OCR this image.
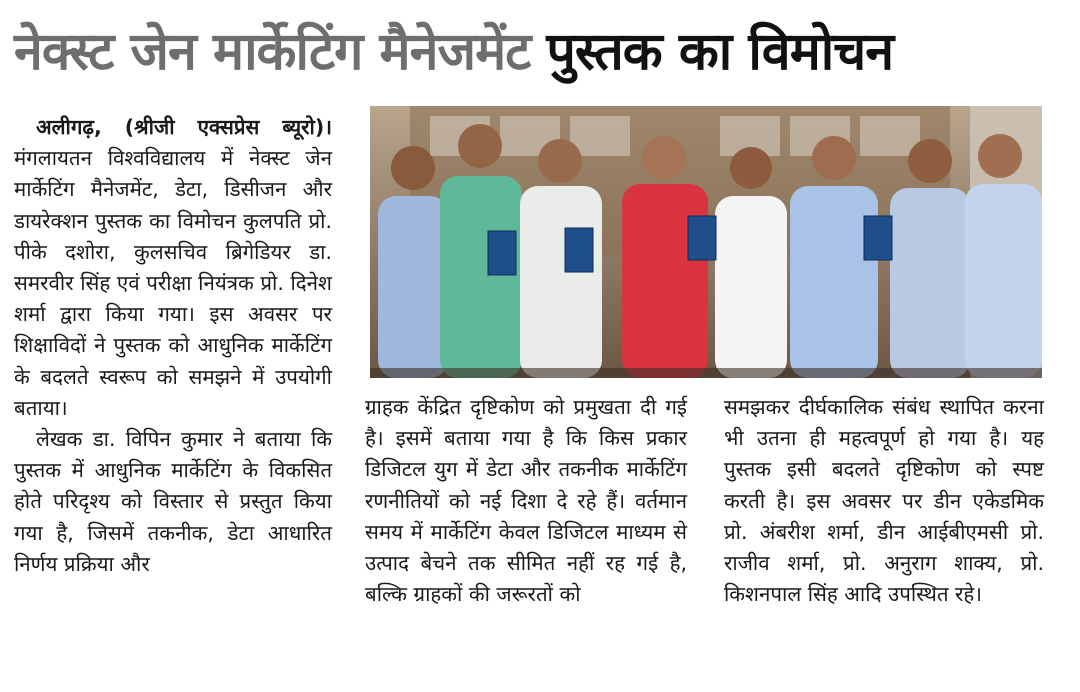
नेक्स्ट जेन मार्केटिंग मैनेजमेंट पुस्तक का विमोचन

अलीगढ़, (श्रीजी एक्सप्रेस ब्यूरो)। मंगलायतन विश्वविद्यालय में नेक्स्ट जेन मार्केटिंग मैनेजमेंट, डेटा, डिसीजन और डायरेक्शन पुस्तक का विमोचन कुलपति प्रो. पीके दशोरा, कुलसचिव ब्रिगेडियर डा. समरवीर सिंह एवं परीक्षा नियंत्रक प्रो. दिनेश शर्मा द्वारा किया गया। इस अवसर पर शिक्षाविदों ने पुस्तक को आधुनिक मार्केटिंग के बदलते स्वरूप को समझने में उपयोगी बताया।

लेखक डा. विपिन कुमार ने बताया कि पुस्तक में आधुनिक मार्केटिंग के विकसित होते परिदृश्य को विस्तार से प्रस्तुत किया गया है, जिसमें तकनीक, डेटा आधारित निर्णय प्रक्रिया और

ग्राहक केंद्रित दृष्टिकोण को प्रमुखता दी गई है। इसमें बताया गया है कि किस प्रकार डिजिटल युग में डेटा और तकनीक मार्केटिंग रणनीतियों को नई दिशा दे रहे हैं। वर्तमान समय में मार्केटिंग केवल डिजिटल माध्यम से उत्पाद बेचने तक सीमित नहीं रह गई है, बल्कि ग्राहकों की जरूरतों को

समझकर दीर्घकालिक संबंध स्थापित करना भी उतना ही महत्वपूर्ण हो गया है। यह पुस्तक इसी बदलते दृष्टिकोण को स्पष्ट करती है। इस अवसर पर डीन एकेडमिक प्रो. अंबरीश शर्मा, डीन आईबीएमसी प्रो. राजीव शर्मा, प्रो. अनुराग शाक्य, प्रो. किशनपाल सिंह आदि उपस्थित रहे।
